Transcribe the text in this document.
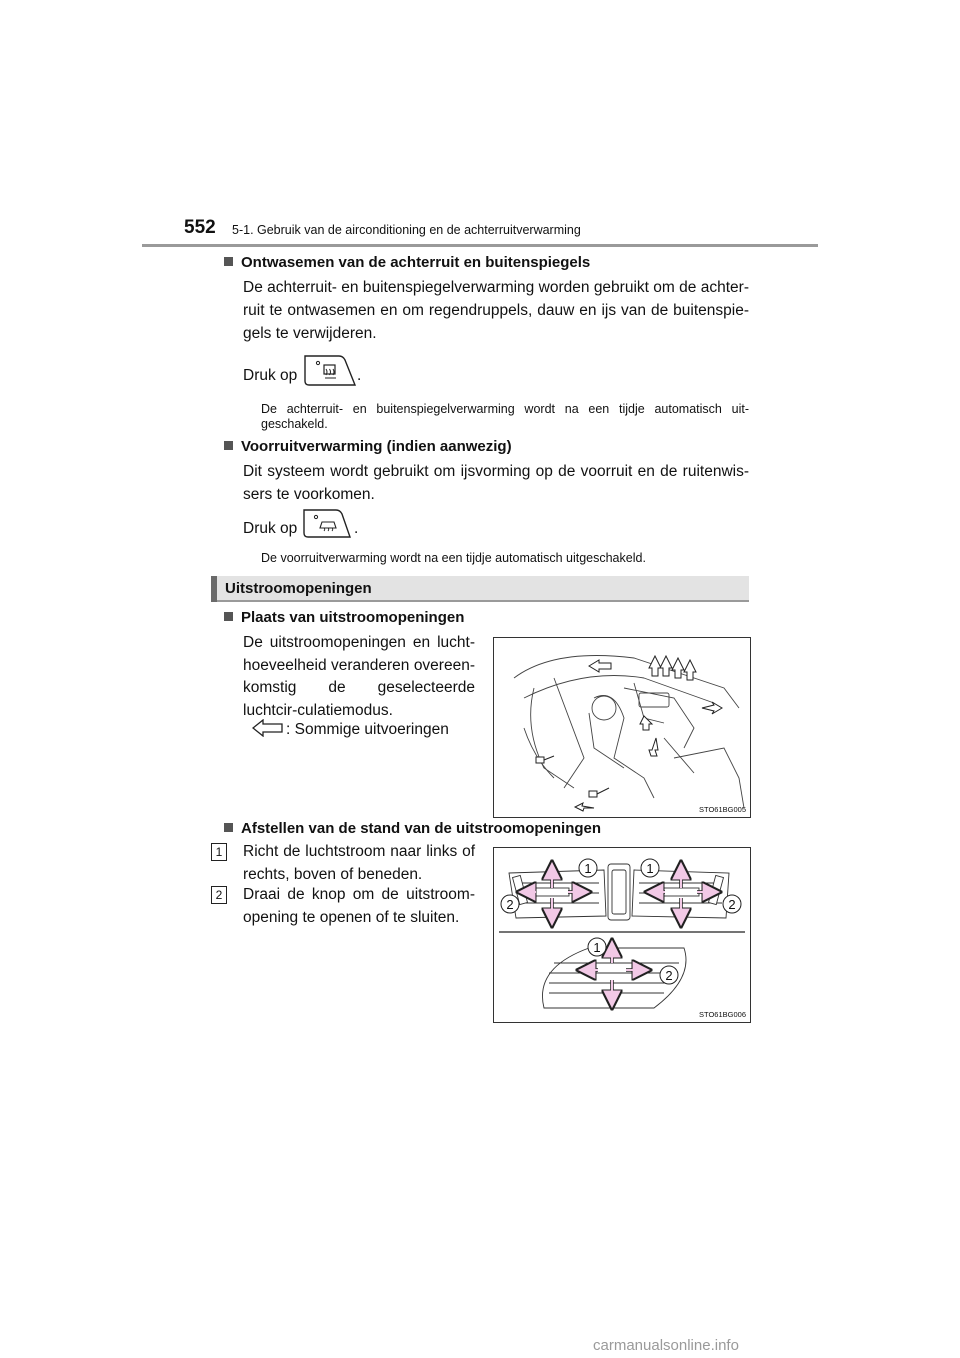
552 5-1. Gebruik van de airconditioning en de achterruitverwarming
Ontwasemen van de achterruit en buitenspiegels
De achterruit- en buitenspiegelverwarming worden gebruikt om de achter-ruit te ontwasemen en om regendruppels, dauw en ijs van de buitenspie-gels te verwijderen.
Druk op	.
De achterruit- en buitenspiegelverwarming wordt na een tijdje automatisch uit-geschakeld.
Voorruitverwarming (indien aanwezig)
Dit systeem wordt gebruikt om ijsvorming op de voorruit en de ruitenwis-sers te voorkomen.
Druk op	.
De voorruitverwarming wordt na een tijdje automatisch uitgeschakeld.
Uitstroomopeningen
Plaats van uitstroomopeningen
De uitstroomopeningen en lucht-hoeveelheid veranderen overeen-komstig de geselecteerde luchtcir-culatiemodus.
: Sommige uitvoeringen
STO61BG005
Afstellen van de stand van de uitstroomopeningen
1	Richt de luchtstroom naar links of rechts, boven of beneden.
2	Draai de knop om de uitstroom-opening te openen of te sluiten.
1	1
2	2
1
2
STO61BG006
carmanualsonline.info
